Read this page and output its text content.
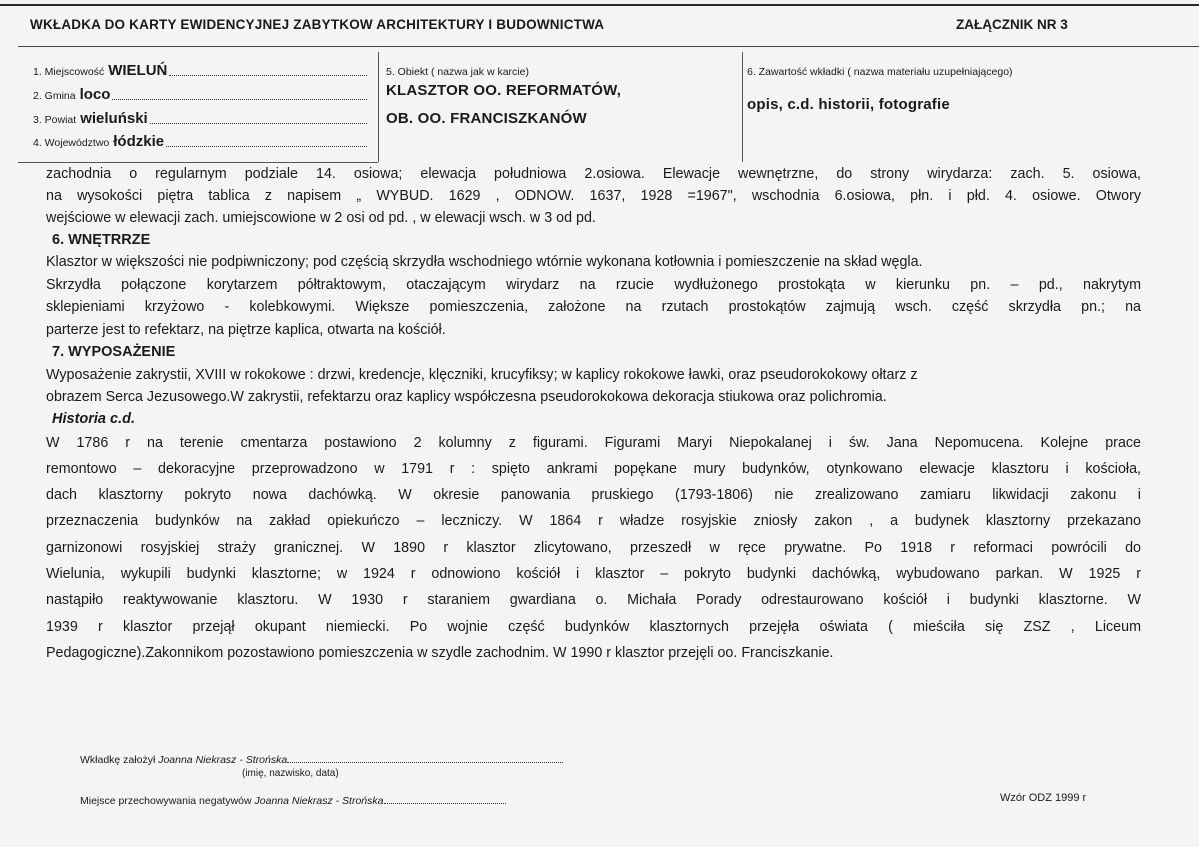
WKŁADKA DO KARTY EWIDENCYJNEJ ZABYTKOW ARCHITEKTURY I BUDOWNICTWA	ZAŁĄCZNIK NR 3
1. Miejscowość WIELUŃ
2. Gmina loco
3. Powiat wieluński
4. Województwo łódzkie
5. Obiekt ( nazwa jak w karcie)
KLASZTOR OO. REFORMATÓW,
OB. OO. FRANCISZKANÓW
6. Zawartość wkładki ( nazwa materiału uzupełniającego)
opis, c.d. historii, fotografie
zachodnia o regularnym podziale 14. osiowa; elewacja południowa 2.osiowa. Elewacje wewnętrzne, do strony wirydarza: zach. 5. osiowa,
na wysokości piętra tablica z napisem „ WYBUD. 1629 , ODNOW. 1637, 1928 =1967", wschodnia 6.osiowa, płn. i płd. 4. osiowe. Otwory
wejściowe w elewacji zach. umiejscowione w 2 osi od pd. , w elewacji wsch. w 3 od pd.
6. WNĘTRRZE
Klasztor w większości nie podpiwniczony; pod częścią skrzydła wschodniego wtórnie wykonana kotłownia i pomieszczenie na skład węgla.
Skrzydła połączone korytarzem półtraktowym, otaczającym wirydarz na rzucie wydłużonego prostokąta w kierunku pn. – pd., nakrytym
sklepieniami krzyżowo - kolebkowymi. Większe pomieszczenia, założone na rzutach prostokątów zajmują wsch. część skrzydła pn.; na
parterze jest to refektarz, na piętrze kaplica, otwarta na kościół.
7. WYPOSAŻENIE
Wyposażenie zakrystii, XVIII w rokokowe : drzwi, kredencje, klęczniki, krucyfiksy; w kaplicy rokokowe ławki, oraz pseudorokokowy ołtarz z
obrazem Serca Jezusowego.W zakrystii, refektarzu oraz kaplicy współczesna pseudorokokowa dekoracja stiukowa oraz polichromia.
Historia c.d.
W 1786 r na terenie cmentarza postawiono 2 kolumny z figurami. Figurami Maryi Niepokalanej i św. Jana Nepomucena. Kolejne prace
remontowo – dekoracyjne przeprowadzono w 1791 r : spięto ankrami popękane mury budynków, otynkowano elewacje klasztoru i kościoła,
dach klasztorny pokryto nowa dachówką. W okresie panowania pruskiego (1793-1806) nie zrealizowano zamiaru likwidacji zakonu i
przeznaczenia budynków na zakład opiekuńczo – leczniczy. W 1864 r władze rosyjskie zniosły zakon , a budynek klasztorny przekazano
garnizonowi rosyjskiej straży granicznej. W 1890 r klasztor zlicytowano, przeszedł w ręce prywatne. Po 1918 r reformaci powrócili do
Wielunia, wykupili budynki klasztorne; w 1924 r odnowiono kościół i klasztor – pokryto budynki dachówką, wybudowano parkan. W 1925 r
nastąpiło reaktywowanie klasztoru. W 1930 r staraniem gwardiana o. Michała Porady odrestaurowano kościół i budynki klasztorne. W
1939 r klasztor przejął okupant niemiecki. Po wojnie część budynków klasztornych przejęła oświata ( mieściła się ZSZ , Liceum
Pedagogiczne).Zakonnikom pozostawiono pomieszczenia w szydle zachodnim. W 1990 r klasztor przejęli oo. Franciszkanie.
Wkładkę założył Joanna Niekrasz - Strońska
(imię, nazwisko, data)
Miejsce przechowywania negatywów Joanna Niekrasz - Strońska	Wzór ODZ 1999 r
